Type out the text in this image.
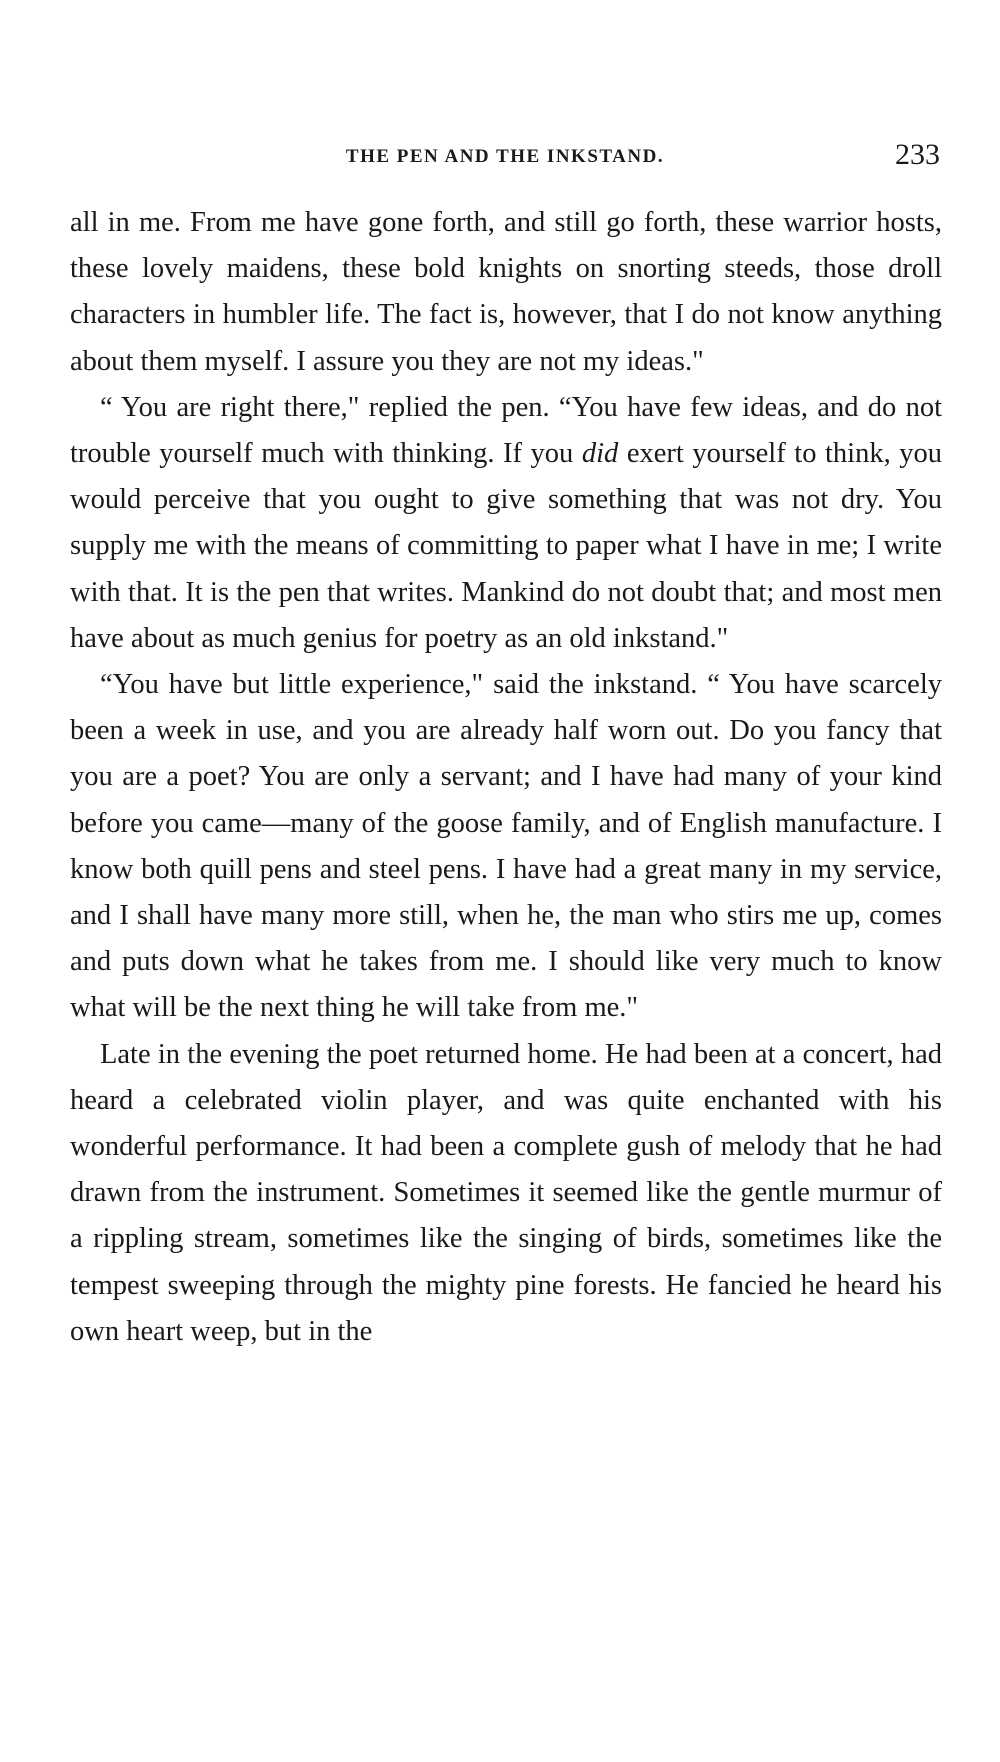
THE PEN AND THE INKSTAND.	233

all in me. From me have gone forth, and still go forth, these warrior hosts, these lovely maidens, these bold knights on snorting steeds, those droll characters in humbler life. The fact is, however, that I do not know anything about them myself. I assure you they are not my ideas."

“ You are right there," replied the pen. “You have few ideas, and do not trouble yourself much with thinking. If you did exert yourself to think, you would perceive that you ought to give something that was not dry. You supply me with the means of committing to paper what I have in me; I write with that. It is the pen that writes. Mankind do not doubt that; and most men have about as much genius for poetry as an old inkstand."

“You have but little experience," said the inkstand. “ You have scarcely been a week in use, and you are already half worn out. Do you fancy that you are a poet? You are only a servant; and I have had many of your kind before you came—many of the goose family, and of English manufacture. I know both quill pens and steel pens. I have had a great many in my service, and I shall have many more still, when he, the man who stirs me up, comes and puts down what he takes from me. I should like very much to know what will be the next thing he will take from me."

Late in the evening the poet returned home. He had been at a concert, had heard a celebrated violin player, and was quite enchanted with his wonderful performance. It had been a complete gush of melody that he had drawn from the instrument. Sometimes it seemed like the gentle murmur of a rippling stream, sometimes like the singing of birds, sometimes like the tempest sweeping through the mighty pine forests. He fancied he heard his own heart weep, but in the
